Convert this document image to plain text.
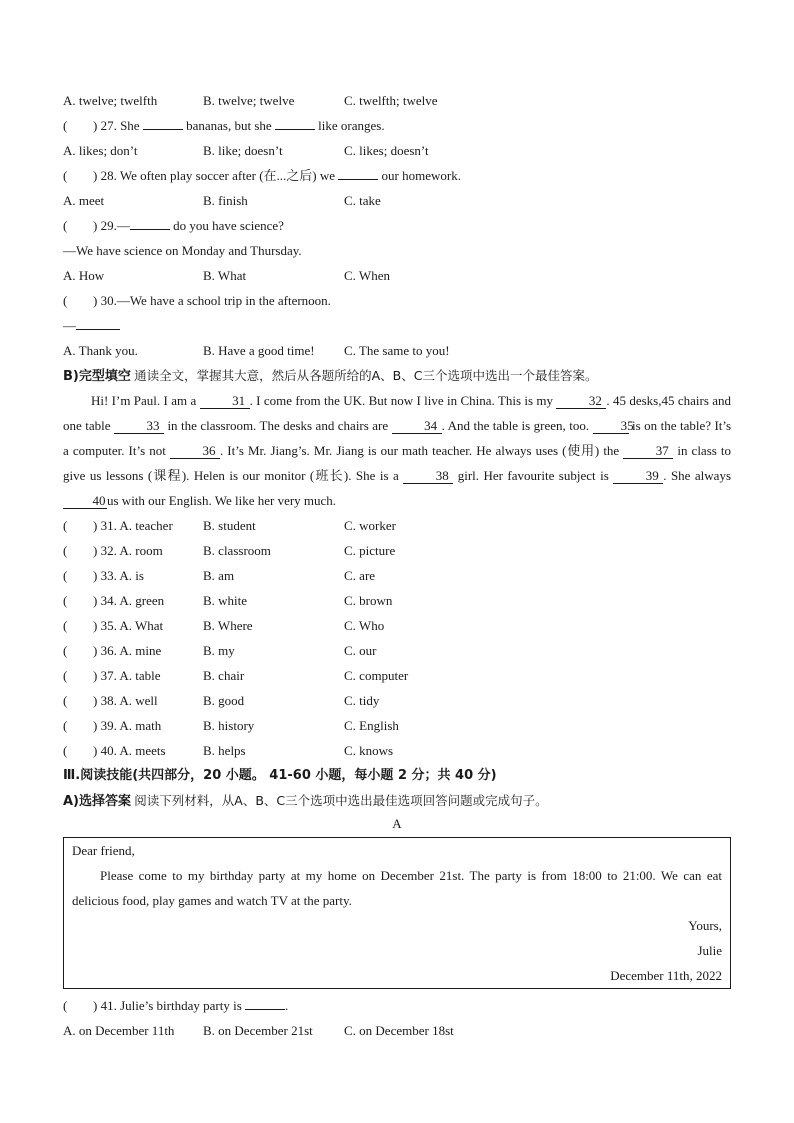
A. twelve; twelfth	B. twelve; twelve	C. twelfth; twelve
( ) 27. She	bananas, but she	like oranges.
A. likes; don’t	B. like; doesn’t	C. likes; doesn’t
( ) 28. We often play soccer after (在...之后) we	our homework.
A. meet	B. finish	C. take
( ) 29.—	do you have science?
—We have science on Monday and Thursday.
A. How	B. What	C. When
( ) 30.—We have a school trip in the afternoon.
—
A. Thank you.	B. Have a good time! C. The same to you!
B)完型填空 通读全文，掌握其大意，然后从各题所给的A、B、C三个选项中选出一个最佳答案。

Hi! I’m Paul. I am a	31 . I come from the UK. But now I live in China. This is my	32 . 45 desks,45 chairs and one table	33 in the classroom. The desks and chairs are	34 . And the table is green, too. 35 is on the table? It’s a computer. It’s not	36 . It’s Mr. Jiang’s. Mr. Jiang is our math teacher. He always uses (使用) the	37 in class to give us lessons (课程). Helen is our monitor (班长). She is a	38 girl. Her favourite subject is	39 . She always 40 us with our English. We like her very much.

( ) 31. A. teacher B. student	C. worker
( ) 32. A. room	B. classroom	C. picture
( ) 33. A. is	B. am	C. are
( ) 34. A. green	B. white	C. brown
( ) 35. A. What	B. Where	C. Who
( ) 36. A. mine	B. my	C. our
( ) 37. A. table	B. chair	C. computer
( ) 38. A. well	B. good	C. tidy
( ) 39. A. math	B. history	C. English
( ) 40. A. meets	B. helps	C. knows
Ⅲ.阅读技能(共四部分，20 小题。 41-60 小题，每小题 2 分；共 40 分)
A)选择答案 阅读下列材料，从A、B、C三个选项中选出最佳选项回答问题或完成句子。
A
Dear friend,

Please come to my birthday party at my home on December 21st. The party is from 18:00 to 21:00. We can eat delicious food, play games and watch TV at the party.

Yours,
Julie
December 11th, 2022
( ) 41. Julie’s birthday party is	.
A. on December 11th B. on December 21st C. on December 18st
